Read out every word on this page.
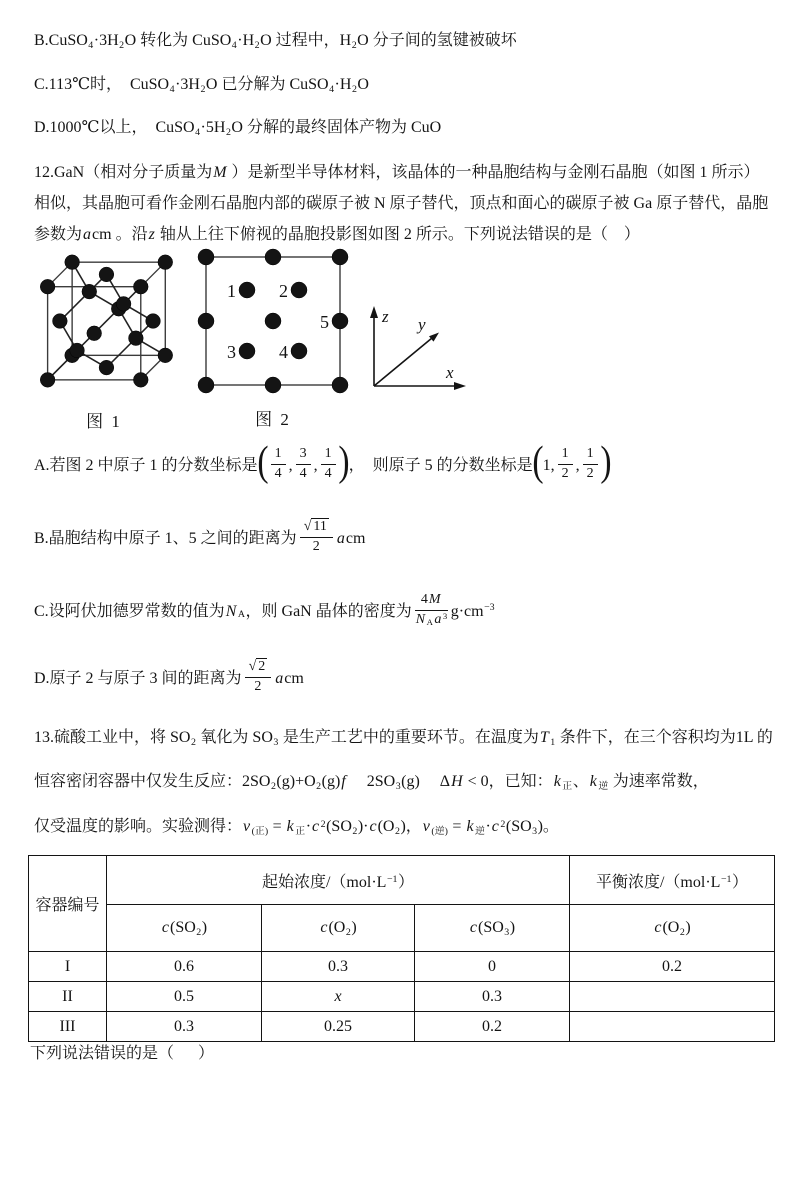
B.CuSO4·3H2O 转化为 CuSO4·H2O 过程中，H2O 分子间的氢键被破坏
C.113℃时，  CuSO4·3H2O 已分解为 CuSO4·H2O
D.1000℃以上，  CuSO4·5H2O 分解的最终固体产物为 CuO
12.GaN（相对分子质量为M ）是新型半导体材料，该晶体的一种晶胞结构与金刚石晶胞（如图 1 所示）
相似，其晶胞可看作金刚石晶胞内部的碳原子被 N 原子替代，顶点和面心的碳原子被 Ga 原子替代，晶胞
参数为acm 。沿z 轴从上往下俯视的晶胞投影图如图 2 所示。下列说法错误的是（　）
图 1
1 2
3 4
5
图 2
z y
x
A.若图 2 中原子 1 的分数坐标是 ( $\frac{1}{4}$ , $\frac{3}{4}$ , $\frac{1}{4}$ ) ，  则原子 5 的分数坐标是 ( 1, $\frac{1}{2}$ , $\frac{1}{2}$ )
B.晶胞结构中原子 1、5 之间的距离为 $\frac{√ 11}{2}$ a cm
C.设阿伏加德罗常数的值为 N A ，则 GaN 晶体的密度为 $\frac{4M}{N A a ^3} g\cdot cm -3$
D.原子 2 与原子 3 间的距离为 $\frac{√ 2}{2}$ a cm
13.硫酸工业中，将 SO2 氧化为 SO3 是生产工艺中的重要环节。在温度为T 1 条件下，在三个容积均为1L 的
恒容密闭容器中仅发生反应：2SO2(g)+O2(g)f　 2SO3(g)　 ΔH < 0，已知：k 正、k 逆 为速率常数，
仅受温度的影响。实验测得：v (正) = k 正·c $^2$(SO2)·c(O2)，v (逆) = k 逆·c $^2$(SO3)。
容器编号	起始浓度$/(mol\cdot L^{-1})$			平衡浓度$/(mol\cdot L^{-1})$
	c(SO2)	c(O2)	c(SO3)	c(O2)
I	0.6	0.3	0	0.2
II	0.5	x	0.3	
III	0.3	0.25	0.2	
下列说法错误的是（　  ）
